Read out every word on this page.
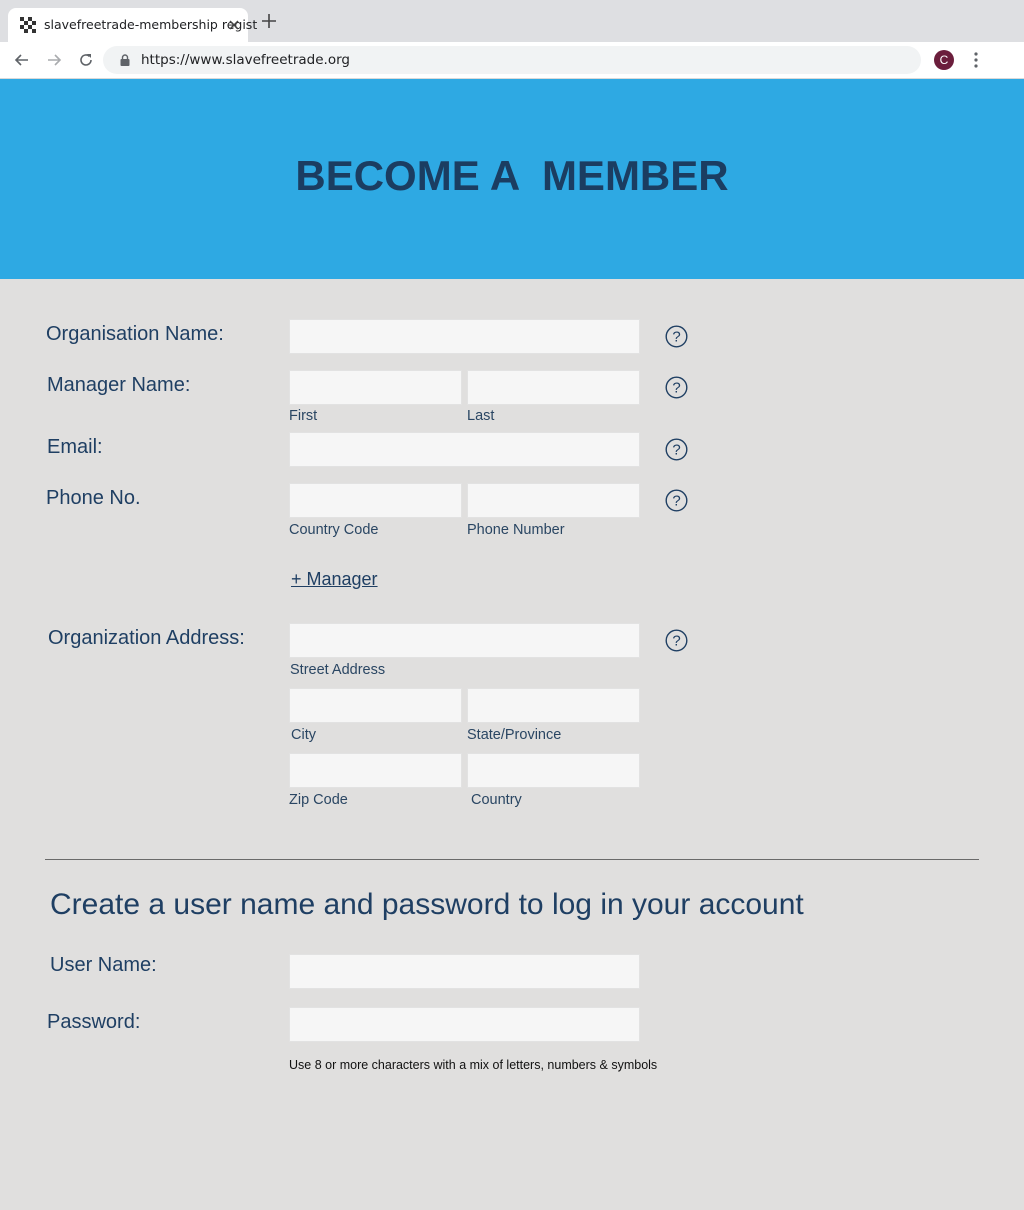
slavefreetrade-membership regist
https://www.slavefreetrade.org	C
BECOME A  MEMBER
Organisation Name:	?
Manager Name:
First	Last
?
Email:	?
Phone No.
Country Code	Phone Number
?
+ Manager
Organization Address:
Street Address
?
City	State/Province
Zip Code	Country
Create a user name and password to log in your account
User Name:
Password:
Use 8 or more characters with a mix of letters, numbers & symbols
